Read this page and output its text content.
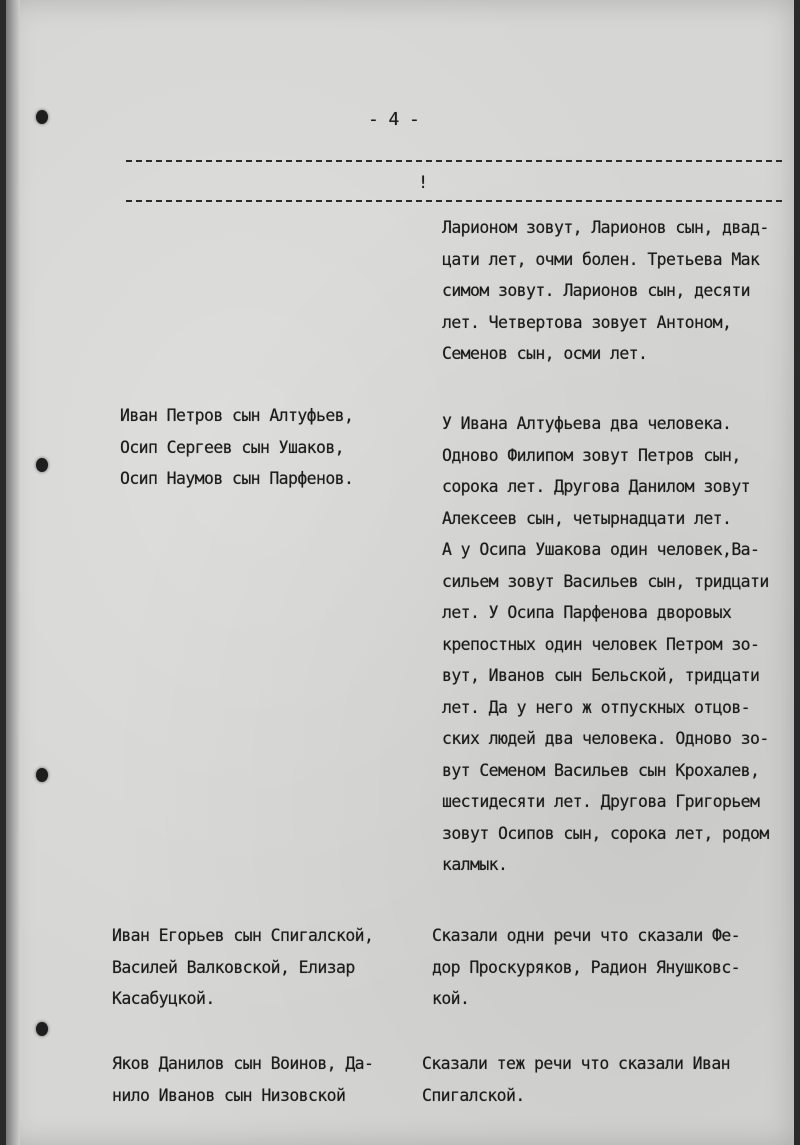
- 4 -
!
Ларионом зовут, Ларионов сын, двад-
цати лет, очми болен. Третьева Мак
симом зовут. Ларионов сын, десяти
лет. Четвертова зовует Антоном,
Семенов сын, осми лет.
Иван Петров сын Алтуфьев,
Осип Сергеев сын Ушаков,
Осип Наумов сын Парфенов.
У Ивана Алтуфьева два человека.
Одново Филипом зовут Петров сын,
сорока лет. Другова Данилом зовут
Алексеев сын, четырнадцати лет.
А у Осипа Ушакова один человек,Ва-
сильем зовут Васильев сын, тридцати
лет. У Осипа Парфенова дворовых
крепостных один человек Петром зо-
вут, Иванов сын Бельской, тридцати
лет. Да у него ж отпускных отцов-
ских людей два человека. Одново зо-
вут Семеном Васильев сын Крохалев,
шестидесяти лет. Другова Григорьем
зовут Осипов сын, сорока лет, родом
калмык.
Иван Егорьев сын Спигалской,
Василей Валковской, Елизар
Касабуцкой.
Сказали одни речи что сказали Фе-
дор Проскуряков, Радион Янушковс-
кой.
Яков Данилов сын Воинов, Да-
нило Иванов сын Низовской
Сказали теж речи что сказали Иван
Спигалской.
